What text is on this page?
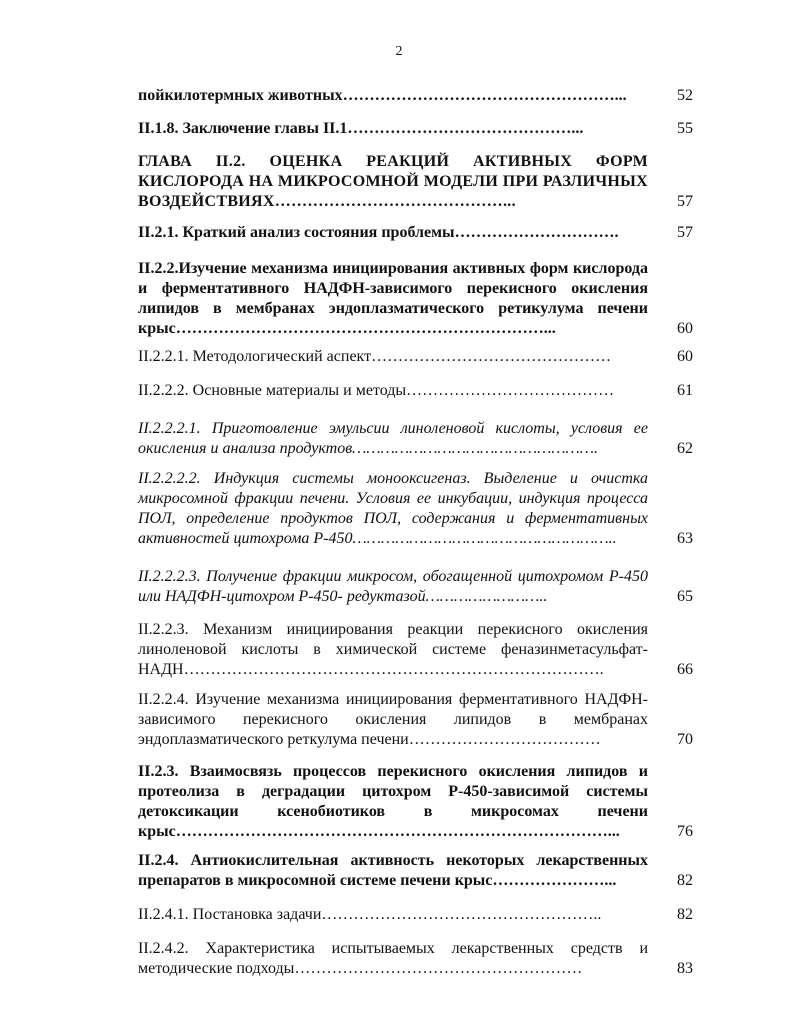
2
пойкилотермных животных……………………………………………...	52
II.1.8. Заключение главы II.1……………………………………...	55
ГЛАВА II.2. ОЦЕНКА РЕАКЦИЙ АКТИВНЫХ ФОРМ КИСЛОРОДА НА МИКРОСОМНОЙ МОДЕЛИ ПРИ РАЗЛИЧНЫХ ВОЗДЕЙСТВИЯХ……………………………………...	57
II.2.1. Краткий анализ состояния проблемы………………………….	57
II.2.2.Изучение механизма инициирования активных форм кислорода и ферментативного НАДФН-зависимого перекисного окисления липидов в мембранах эндоплазматического ретикулума печени крыс……………………………………………………………...	60
II.2.2.1. Методологический аспект………………………………………	60
II.2.2.2. Основные материалы и методы…………………………………	61
II.2.2.2.1. Приготовление эмульсии линоленовой кислоты, условия ее окисления и анализа продуктов…………………………………………….	62
II.2.2.2.2. Индукция системы монооксигеназ. Выделение и очистка микросомной фракции печени. Условия ее инкубации, индукция процесса ПОЛ, определение продуктов ПОЛ, содержания и ферментативных активностей цитохрома Р-450………………………………………………..	63
II.2.2.2.3. Получение фракции микросом, обогащенной цитохромом Р-450 или НАДФН-цитохром Р-450- редуктазой……………………..	65
II.2.2.3. Механизм инициирования реакции перекисного окисления линоленовой кислоты в химической системе феназинметасульфат-НАДН…………………………………………………………………….	66
II.2.2.4. Изучение механизма инициирования ферментативного НАДФН-зависимого перекисного окисления липидов в мембранах эндоплазматического реткулума печени………………………………	70
II.2.3. Взаимосвязь процессов перекисного окисления липидов и протеолиза в деградации цитохром Р-450-зависимой системы детоксикации ксенобиотиков в микросомах печени крыс………………………………………………………………………...	76
II.2.4. Антиокислительная активность некоторых лекарственных препаратов в микросомной системе печени крыс…………………...	82
II.2.4.1. Постановка задачи……………………………………………..	82
II.2.4.2. Характеристика испытываемых лекарственных средств и методические подходы………………………………………………	83
